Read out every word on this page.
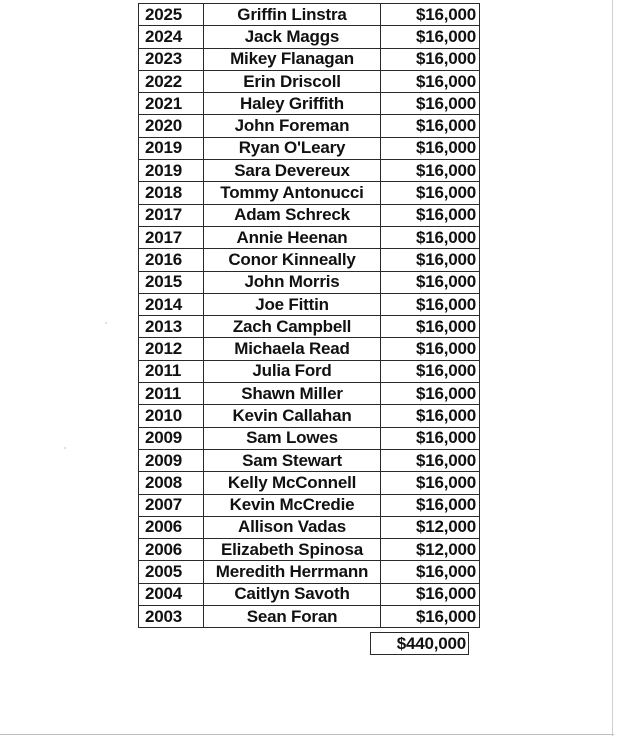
2025	Griffin Linstra	$16,000
2024	Jack Maggs	$16,000
2023	Mikey Flanagan	$16,000
2022	Erin Driscoll	$16,000
2021	Haley Griffith	$16,000
2020	John Foreman	$16,000
2019	Ryan O'Leary	$16,000
2019	Sara Devereux	$16,000
2018	Tommy Antonucci	$16,000
2017	Adam Schreck	$16,000
2017	Annie Heenan	$16,000
2016	Conor Kinneally	$16,000
2015	John Morris	$16,000
2014	Joe Fittin	$16,000
2013	Zach Campbell	$16,000
2012	Michaela Read	$16,000
2011	Julia Ford	$16,000
2011	Shawn Miller	$16,000
2010	Kevin Callahan	$16,000
2009	Sam Lowes	$16,000
2009	Sam Stewart	$16,000
2008	Kelly McConnell	$16,000
2007	Kevin McCredie	$16,000
2006	Allison Vadas	$12,000
2006	Elizabeth Spinosa	$12,000
2005	Meredith Herrmann	$16,000
2004	Caitlyn Savoth	$16,000
2003	Sean Foran	$16,000
$440,000
